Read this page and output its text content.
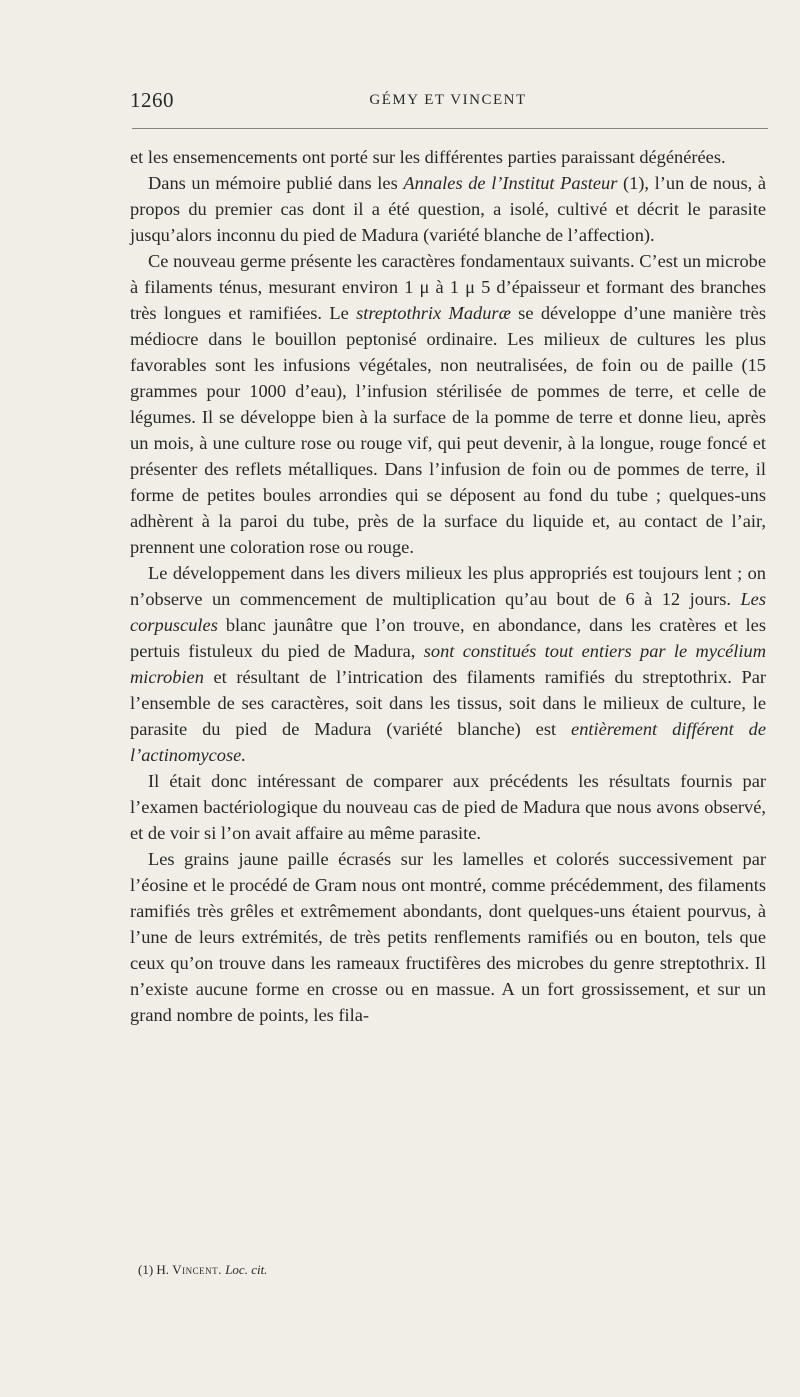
1260	GÉMY ET VINCENT

et les ensemencements ont porté sur les différentes parties paraissant dégénérées.

Dans un mémoire publié dans les Annales de l’Institut Pasteur (1), l’un de nous, à propos du premier cas dont il a été question, a isolé, cultivé et décrit le parasite jusqu’alors inconnu du pied de Madura (variété blanche de l’affection).

Ce nouveau germe présente les caractères fondamentaux suivants. C’est un microbe à filaments ténus, mesurant environ 1 μ à 1 μ 5 d’épaisseur et formant des branches très longues et ramifiées. Le streptothrix Maduræ se développe d’une manière très médiocre dans le bouillon peptonisé ordinaire. Les milieux de cultures les plus favorables sont les infusions végétales, non neutralisées, de foin ou de paille (15 grammes pour 1000 d’eau), l’infusion stérilisée de pommes de terre, et celle de légumes. Il se développe bien à la surface de la pomme de terre et donne lieu, après un mois, à une culture rose ou rouge vif, qui peut devenir, à la longue, rouge foncé et présenter des reflets métalliques. Dans l’infusion de foin ou de pommes de terre, il forme de petites boules arrondies qui se déposent au fond du tube ; quelques-uns adhèrent à la paroi du tube, près de la surface du liquide et, au contact de l’air, prennent une coloration rose ou rouge.

Le développement dans les divers milieux les plus appropriés est toujours lent ; on n’observe un commencement de multiplication qu’au bout de 6 à 12 jours. Les corpuscules blanc jaunâtre que l’on trouve, en abondance, dans les cratères et les pertuis fistuleux du pied de Madura, sont constitués tout entiers par le mycélium microbien et résultant de l’intrication des filaments ramifiés du streptothrix. Par l’ensemble de ses caractères, soit dans les tissus, soit dans le milieux de culture, le parasite du pied de Madura (variété blanche) est entièrement différent de l’actinomycose.

Il était donc intéressant de comparer aux précédents les résultats fournis par l’examen bactériologique du nouveau cas de pied de Madura que nous avons observé, et de voir si l’on avait affaire au même parasite.

Les grains jaune paille écrasés sur les lamelles et colorés successivement par l’éosine et le procédé de Gram nous ont montré, comme précédemment, des filaments ramifiés très grêles et extrêmement abondants, dont quelques-uns étaient pourvus, à l’une de leurs extrémités, de très petits renflements ramifiés ou en bouton, tels que ceux qu’on trouve dans les rameaux fructifères des microbes du genre streptothrix. Il n’existe aucune forme en crosse ou en massue. A un fort grossissement, et sur un grand nombre de points, les fila-

(1) H. Vincent. Loc. cit.
